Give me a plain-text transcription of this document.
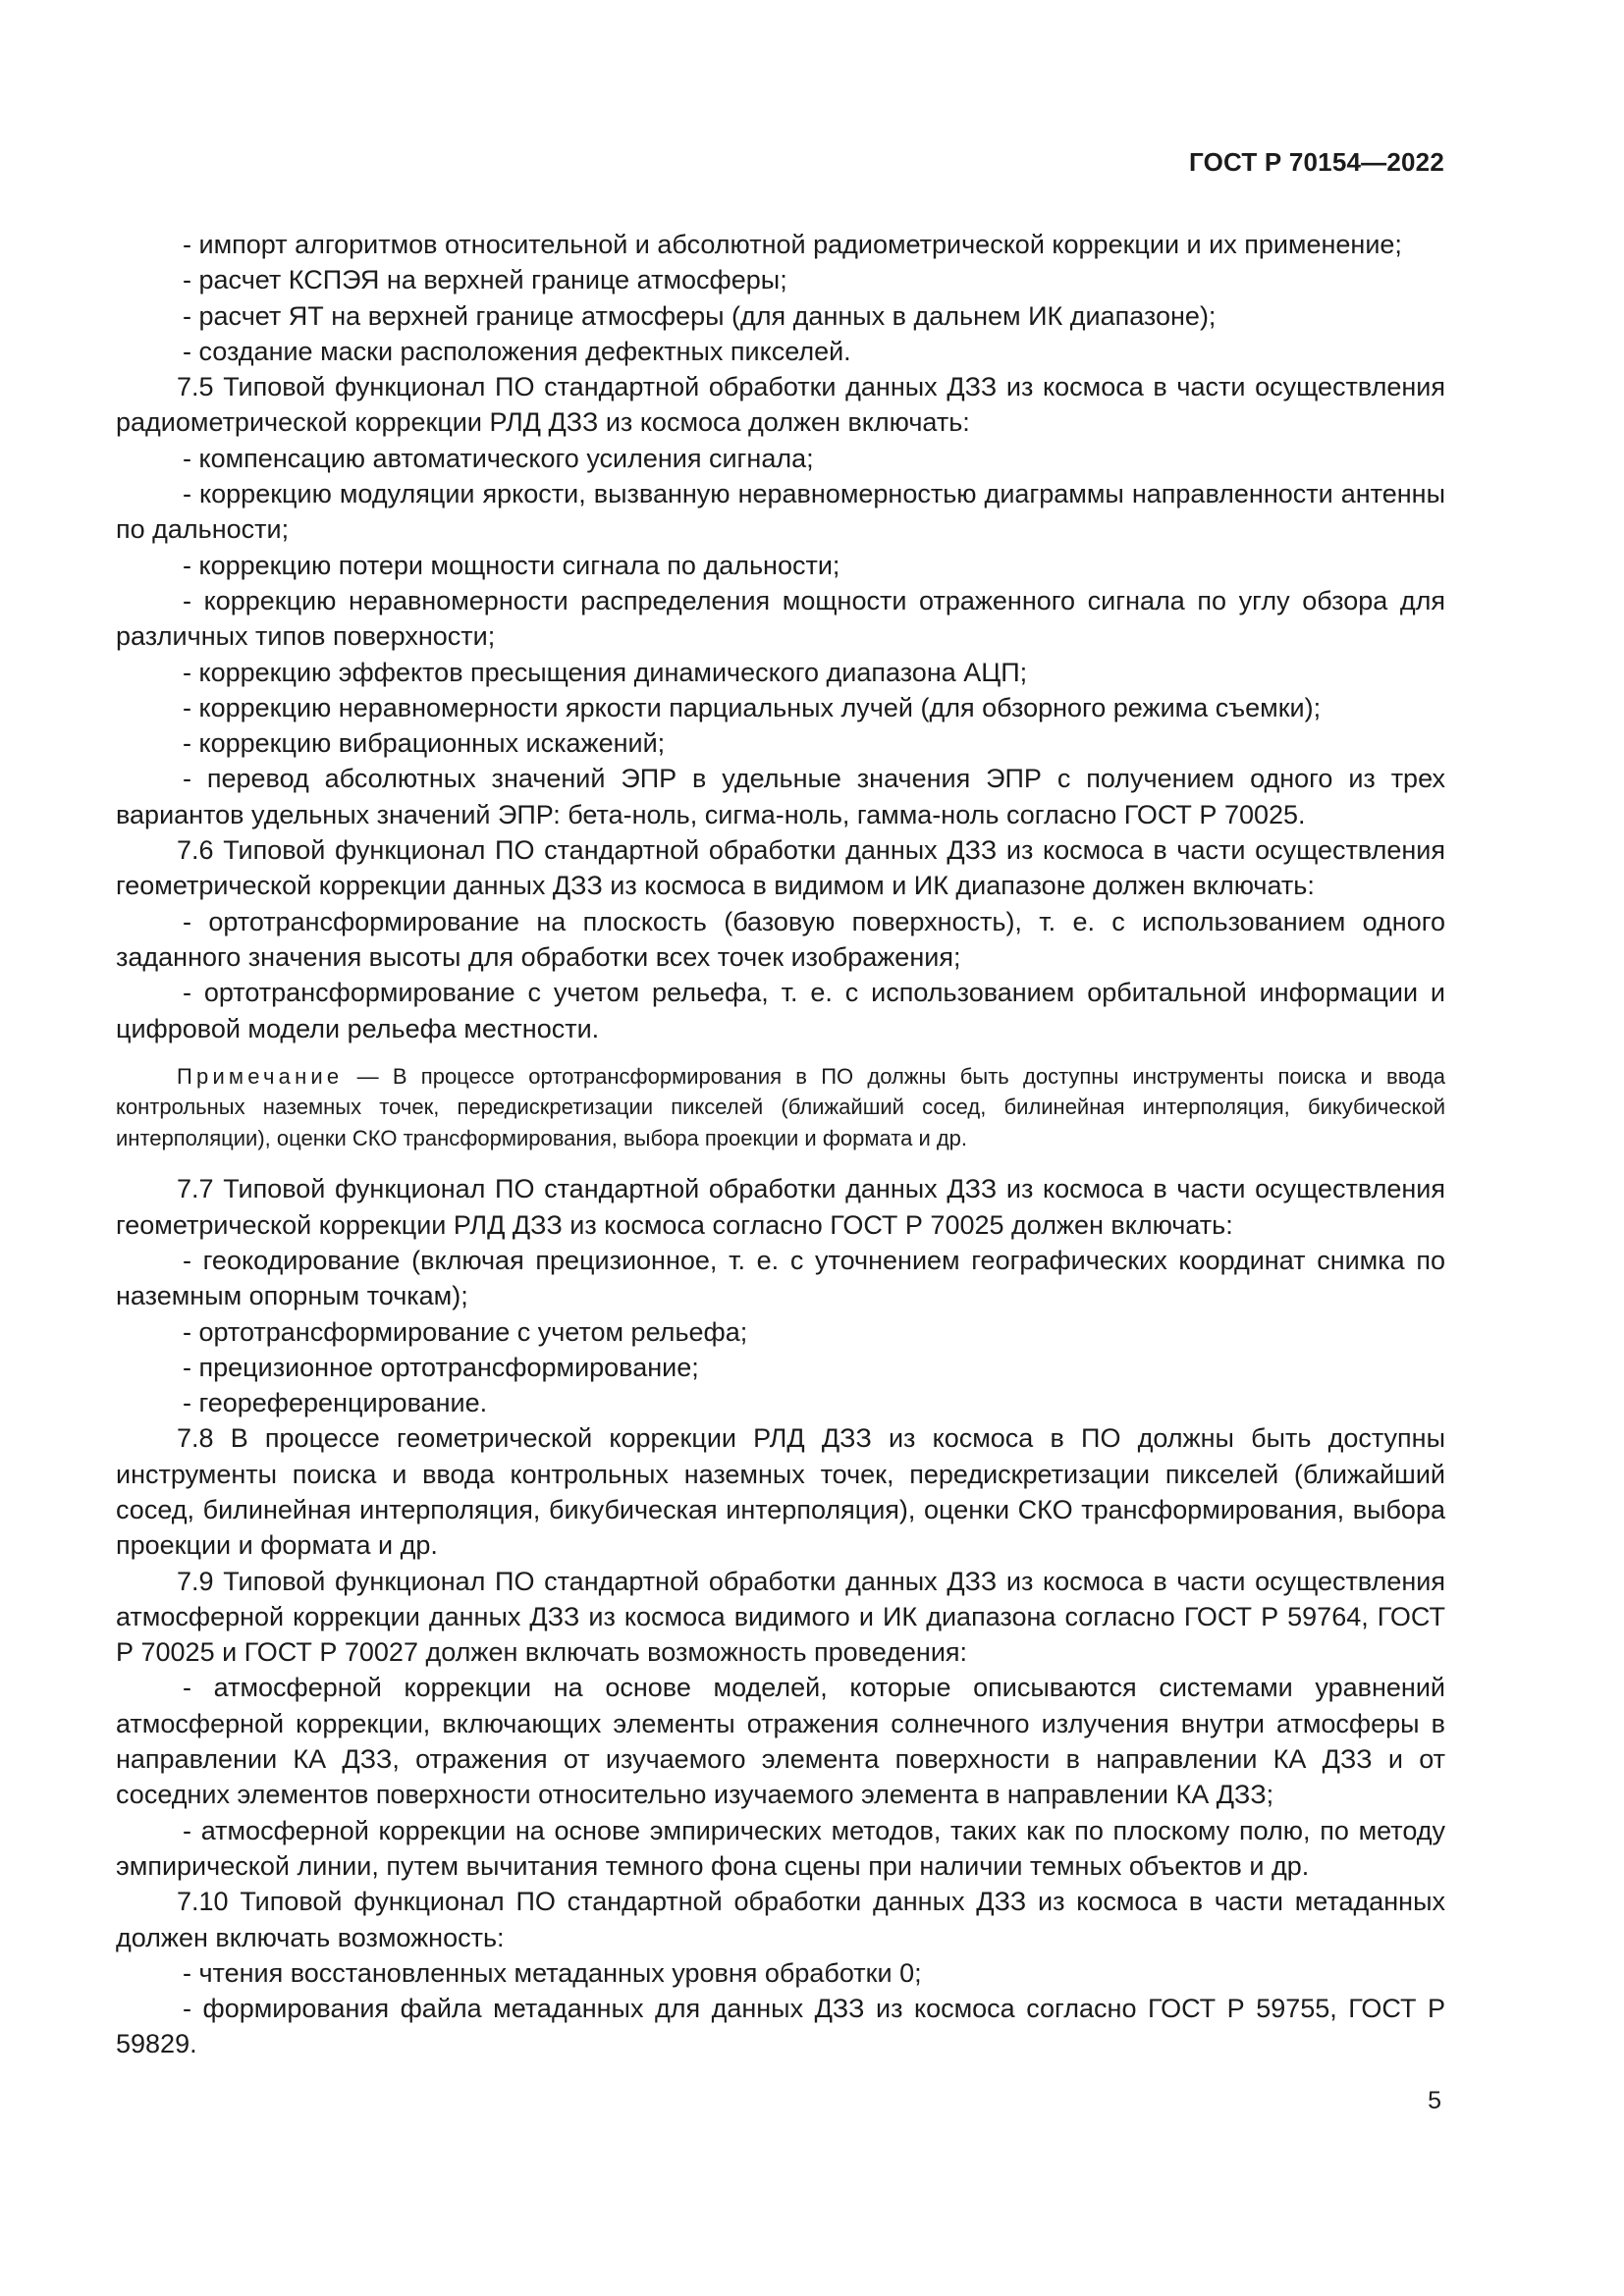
ГОСТ Р 70154—2022

- импорт алгоритмов относительной и абсолютной радиометрической коррекции и их применение;

- расчет КСПЭЯ на верхней границе атмосферы;

- расчет ЯТ на верхней границе атмосферы (для данных в дальнем ИК диапазоне);

- создание маски расположения дефектных пикселей.

7.5 Типовой функционал ПО стандартной обработки данных ДЗЗ из космоса в части осуществления радиометрической коррекции РЛД ДЗЗ из космоса должен включать:

- компенсацию автоматического усиления сигнала;

- коррекцию модуляции яркости, вызванную неравномерностью диаграммы направленности антенны по дальности;

- коррекцию потери мощности сигнала по дальности;

- коррекцию неравномерности распределения мощности отраженного сигнала по углу обзора для различных типов поверхности;

- коррекцию эффектов пресыщения динамического диапазона АЦП;

- коррекцию неравномерности яркости парциальных лучей (для обзорного режима съемки);

- коррекцию вибрационных искажений;

- перевод абсолютных значений ЭПР в удельные значения ЭПР с получением одного из трех вариантов удельных значений ЭПР: бета-ноль, сигма-ноль, гамма-ноль согласно ГОСТ Р 70025.

7.6 Типовой функционал ПО стандартной обработки данных ДЗЗ из космоса в части осуществления геометрической коррекции данных ДЗЗ из космоса в видимом и ИК диапазоне должен включать:

- ортотрансформирование на плоскость (базовую поверхность), т. е. с использованием одного заданного значения высоты для обработки всех точек изображения;

- ортотрансформирование с учетом рельефа, т. е. с использованием орбитальной информации и цифровой модели рельефа местности.

Примечание — В процессе ортотрансформирования в ПО должны быть доступны инструменты поиска и ввода контрольных наземных точек, передискретизации пикселей (ближайший сосед, билинейная интерполяция, бикубической интерполяции), оценки СКО трансформирования, выбора проекции и формата и др.

7.7 Типовой функционал ПО стандартной обработки данных ДЗЗ из космоса в части осуществления геометрической коррекции РЛД ДЗЗ из космоса согласно ГОСТ Р 70025 должен включать:

- геокодирование (включая прецизионное, т. е. с уточнением географических координат снимка по наземным опорным точкам);

- ортотрансформирование с учетом рельефа;

- прецизионное ортотрансформирование;

- геореференцирование.

7.8 В процессе геометрической коррекции РЛД ДЗЗ из космоса в ПО должны быть доступны инструменты поиска и ввода контрольных наземных точек, передискретизации пикселей (ближайший сосед, билинейная интерполяция, бикубическая интерполяция), оценки СКО трансформирования, выбора проекции и формата и др.

7.9 Типовой функционал ПО стандартной обработки данных ДЗЗ из космоса в части осуществления атмосферной коррекции данных ДЗЗ из космоса видимого и ИК диапазона согласно ГОСТ Р 59764, ГОСТ Р 70025 и ГОСТ Р 70027 должен включать возможность проведения:

- атмосферной коррекции на основе моделей, которые описываются системами уравнений атмосферной коррекции, включающих элементы отражения солнечного излучения внутри атмосферы в направлении КА ДЗЗ, отражения от изучаемого элемента поверхности в направлении КА ДЗЗ и от соседних элементов поверхности относительно изучаемого элемента в направлении КА ДЗЗ;

- атмосферной коррекции на основе эмпирических методов, таких как по плоскому полю, по методу эмпирической линии, путем вычитания темного фона сцены при наличии темных объектов и др.

7.10 Типовой функционал ПО стандартной обработки данных ДЗЗ из космоса в части метаданных должен включать возможность:

- чтения восстановленных метаданных уровня обработки 0;

- формирования файла метаданных для данных ДЗЗ из космоса согласно ГОСТ Р 59755, ГОСТ Р 59829.

5
